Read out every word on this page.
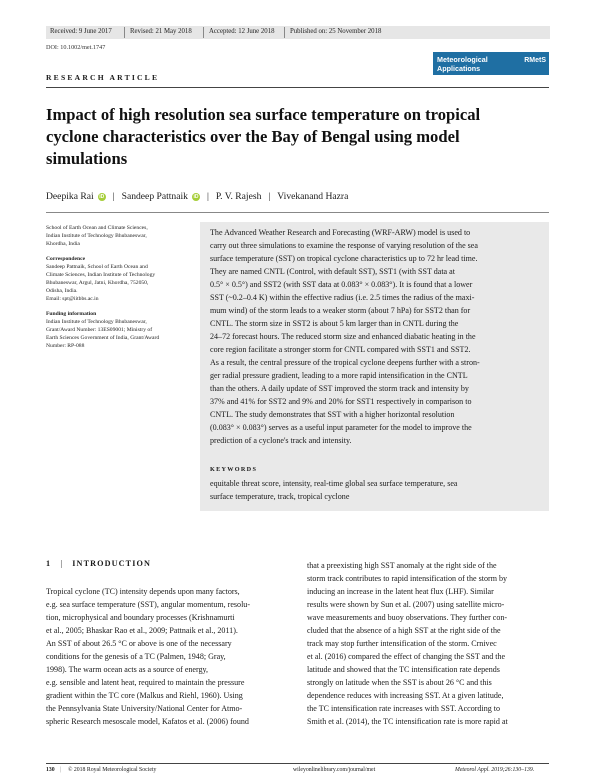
Received: 9 June 2017	Revised: 21 May 2018	Accepted: 12 June 2018 Published on: 25 November 2018
DOI: 10.1002/met.1747
Meteorological
Applications
RMetS
RESEARCH ARTICLE
Impact of high resolution sea surface temperature on tropical
cyclone characteristics over the Bay of Bengal using model
simulations
Deepika Rai	iD | Sandeep Pattnaik	iD | P. V. Rajesh | Vivekanand Hazra
School of Earth Ocean and Climate Sciences,
Indian Institute of Technology Bhubaneswar,
Khordha, India
Correspondence
Sandeep Pattnaik, School of Earth Ocean and
Climate Sciences, Indian Institute of Technology
Bhubaneswar, Argul, Jatni, Khordha, 752050,
Odisha, India.
Email: spt@iitbbs.ac.in
Funding information
Indian Institute of Technology Bhubaneswar,
Grant/Award Number: 13ES09001; Ministry of
Earth Sciences Government of India, Grant/Award
Number: RP-088
The Advanced Weather Research and Forecasting (WRF-ARW) model is used to
carry out three simulations to examine the response of varying resolution of the sea
surface temperature (SST) on tropical cyclone characteristics up to 72 hr lead time.
They are named CNTL (Control, with default SST), SST1 (with SST data at
0.5° × 0.5°) and SST2 (with SST data at 0.083° × 0.083°). It is found that a lower
SST (~0.2–0.4 K) within the effective radius (i.e. 2.5 times the radius of the maxi-
mum wind) of the storm leads to a weaker storm (about 7 hPa) for SST2 than for
CNTL. The storm size in SST2 is about 5 km larger than in CNTL during the
24–72 forecast hours. The reduced storm size and enhanced diabatic heating in the
core region facilitate a stronger storm for CNTL compared with SST1 and SST2.
As a result, the central pressure of the tropical cyclone deepens further with a stron-
ger radial pressure gradient, leading to a more rapid intensification in the CNTL
than the others. A daily update of SST improved the storm track and intensity by
37% and 41% for SST2 and 9% and 20% for SST1 respectively in comparison to
CNTL. The study demonstrates that SST with a higher horizontal resolution
(0.083° × 0.083°) serves as a useful input parameter for the model to improve the
prediction of a cyclone's track and intensity.
KEYWORDS
equitable threat score, intensity, real-time global sea surface temperature, sea
surface temperature, track, tropical cyclone
1 | INTRODUCTION
Tropical cyclone (TC) intensity depends upon many factors,
e.g. sea surface temperature (SST), angular momentum, resolu-
tion, microphysical and boundary processes (Krishnamurti
et al., 2005; Bhaskar Rao et al., 2009; Pattnaik et al., 2011).
An SST of about 26.5 °C or above is one of the necessary
conditions for the genesis of a TC (Palmen, 1948; Gray,
1998). The warm ocean acts as a source of energy,
e.g. sensible and latent heat, required to maintain the pressure
gradient within the TC core (Malkus and Riehl, 1960). Using
the Pennsylvania State University/National Center for Atmo-
spheric Research mesoscale model, Kafatos et al. (2006) found
that a preexisting high SST anomaly at the right side of the
storm track contributes to rapid intensification of the storm by
inducing an increase in the latent heat flux (LHF). Similar
results were shown by Sun et al. (2007) using satellite micro-
wave measurements and buoy observations. They further con-
cluded that the absence of a high SST at the right side of the
track may stop further intensification of the storm. Crnivec
et al. (2016) compared the effect of changing the SST and the
latitude and showed that the TC intensification rate depends
strongly on latitude when the SST is about 26 °C and this
dependence reduces with increasing SST. At a given latitude,
the TC intensification rate increases with SST. According to
Smith et al. (2014), the TC intensification rate is more rapid at
130 | © 2018 Royal Meteorological Society	wileyonlinelibrary.com/journal/met	Meteorol Appl. 2019;26:130–139.
